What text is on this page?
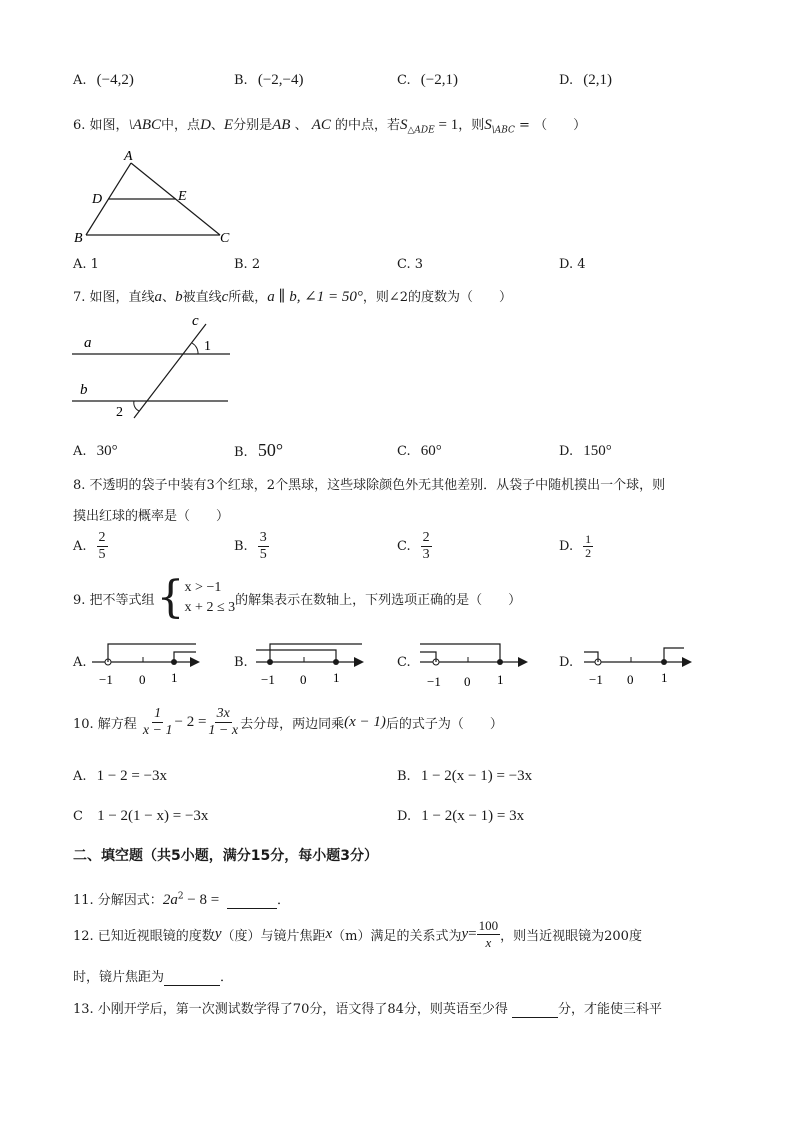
A. (−4,2)	B. (−2,−4)	C. (−2,1)	D. (2,1)
6. 如图，\ABC中，点D、E分别是AB 、 AC 的中点，若$S_{\triangle ADE} = 1$，则$S_{\backslash ABC}$ = （　　）
A
D	E
B	C
A. 1	B. 2	C. 3	D. 4
7. 如图，直线a、b被直线c所截，a ∥ b, ∠1 = 50°，则∠2的度数为（　　）
a
b
c
1
2
A. 30°	B. 50°	C. 60°	D. 150°
8. 不透明的袋子中装有3个红球，2个黑球，这些球除颜色外无其他差别．从袋子中随机摸出一个球，则
摸出红球的概率是（　　）
A. $\frac{2}{5}$	B. $\frac{3}{5}$	C. $\frac{2}{3}$	D. $\frac{1}{2}$
9. 把不等式组 { x > −1
x + 2 ≤ 3 的解集表示在数轴上，下列选项正确的是（　　）
A.
−1 0 1
B.
−1 0 1
C.
−1 0 1
D.
−1 0 1
10. 解方程 $\frac{1}{x - 1} - 2 = \frac{3x}{1 - x}$ 去分母，两边同乘 (x − 1) 后的式子为（　　）
A. 1 − 2 = −3x	B. 1 − 2(x − 1) = −3x
C 1 − 2(1 − x) = −3x	D. 1 − 2(x − 1) = 3x
二、填空题（共5小题，满分15分，每小题3分）
11. 分解因式：$2a^2 - 8$ =	．
12. 已知近视眼镜的度数 y （度）与镜片焦距 x （m）满足的关系式为 $y = \frac{100}{x}$ ，则当近视眼镜为200度
时，镜片焦距为	．
13. 小刚开学后，第一次测试数学得了70分，语文得了84分，则英语至少得	分，才能使三科平
